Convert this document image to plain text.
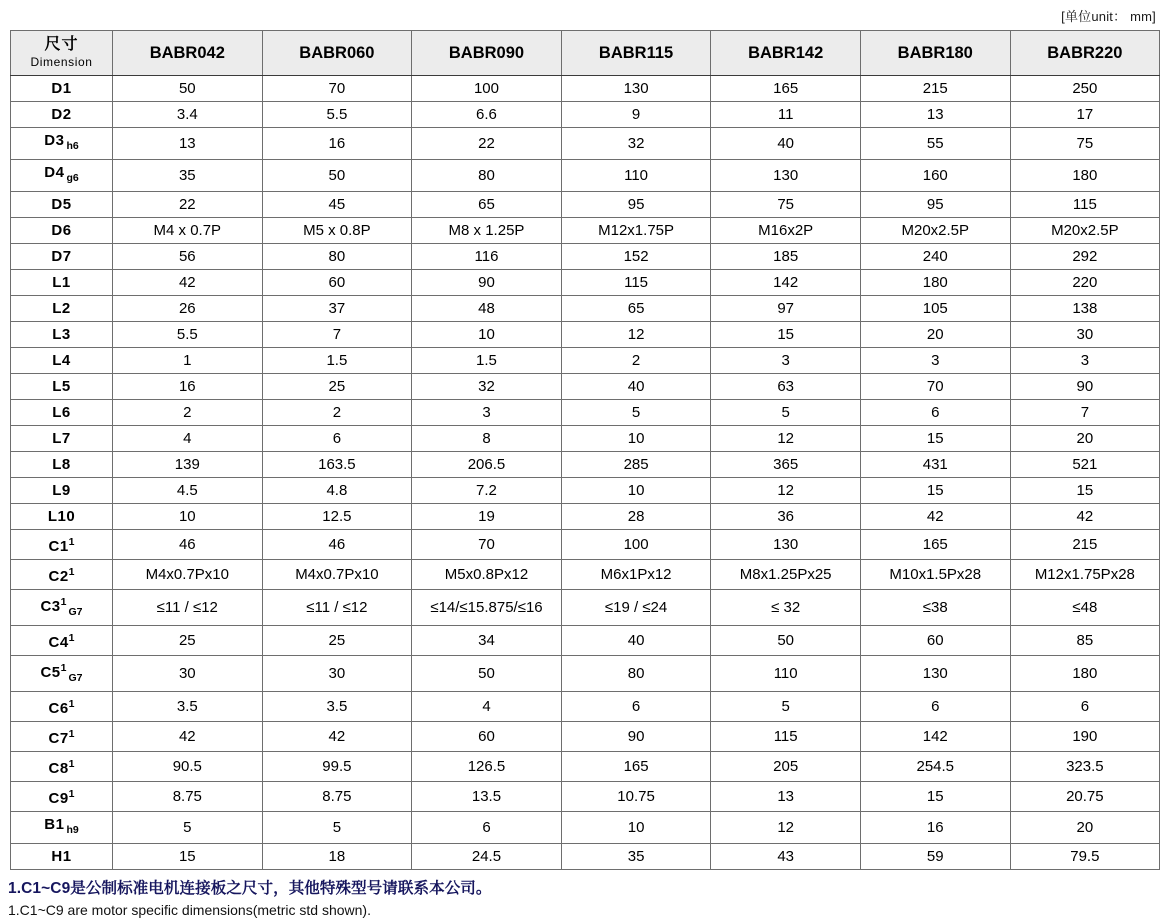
[单位unit： mm]
尺寸
Dimension	BABR042	BABR060	BABR090	BABR115	BABR142	BABR180	BABR220
D1	50	70	100	130	165	215	250
D2	3.4	5.5	6.6	9	11	13	17
D3 $_{h6}$	13	16	22	32	40	55	75
D4 $_{g6}$	35	50	80	110	130	160	180
D5	22	45	65	95	75	95	115
D6	M4 x 0.7P	M5 x 0.8P	M8 x 1.25P	M12x1.75P	M16x2P	M20x2.5P	M20x2.5P
D7	56	80	116	152	185	240	292
L1	42	60	90	115	142	180	220
L2	26	37	48	65	97	105	138
L3	5.5	7	10	12	15	20	30
L4	1	1.5	1.5	2	3	3	3
L5	16	25	32	40	63	70	90
L6	2	2	3	5	5	6	7
L7	4	6	8	10	12	15	20
L8	139	163.5	206.5	285	365	431	521
L9	4.5	4.8	7.2	10	12	15	15
L10	10	12.5	19	28	36	42	42
$C1^1$	46	46	70	100	130	165	215
$C2^1$	M4x0.7Px10	M4x0.7Px10	M5x0.8Px12	M6x1Px12	M8x1.25Px25	M10x1.5Px28	M12x1.75Px28
$C3^1_{G7}$	≤11 / ≤12	≤11 / ≤12	≤14/≤15.875/≤16	≤19 / ≤24	≤ 32	≤38	≤48
$C4^1$	25	25	34	40	50	60	85
$C5^1_{G7}$	30	30	50	80	110	130	180
$C6^1$	3.5	3.5	4	6	5	6	6
$C7^1$	42	42	60	90	115	142	190
$C8^1$	90.5	99.5	126.5	165	205	254.5	323.5
$C9^1$	8.75	8.75	13.5	10.75	13	15	20.75
B1 $_{h9}$	5	5	6	10	12	16	20
H1	15	18	24.5	35	43	59	79.5
1.C1~C9是公制标准电机连接板之尺寸，其他特殊型号请联系本公司。
1.C1~C9 are motor specific dimensions(metric std shown).
